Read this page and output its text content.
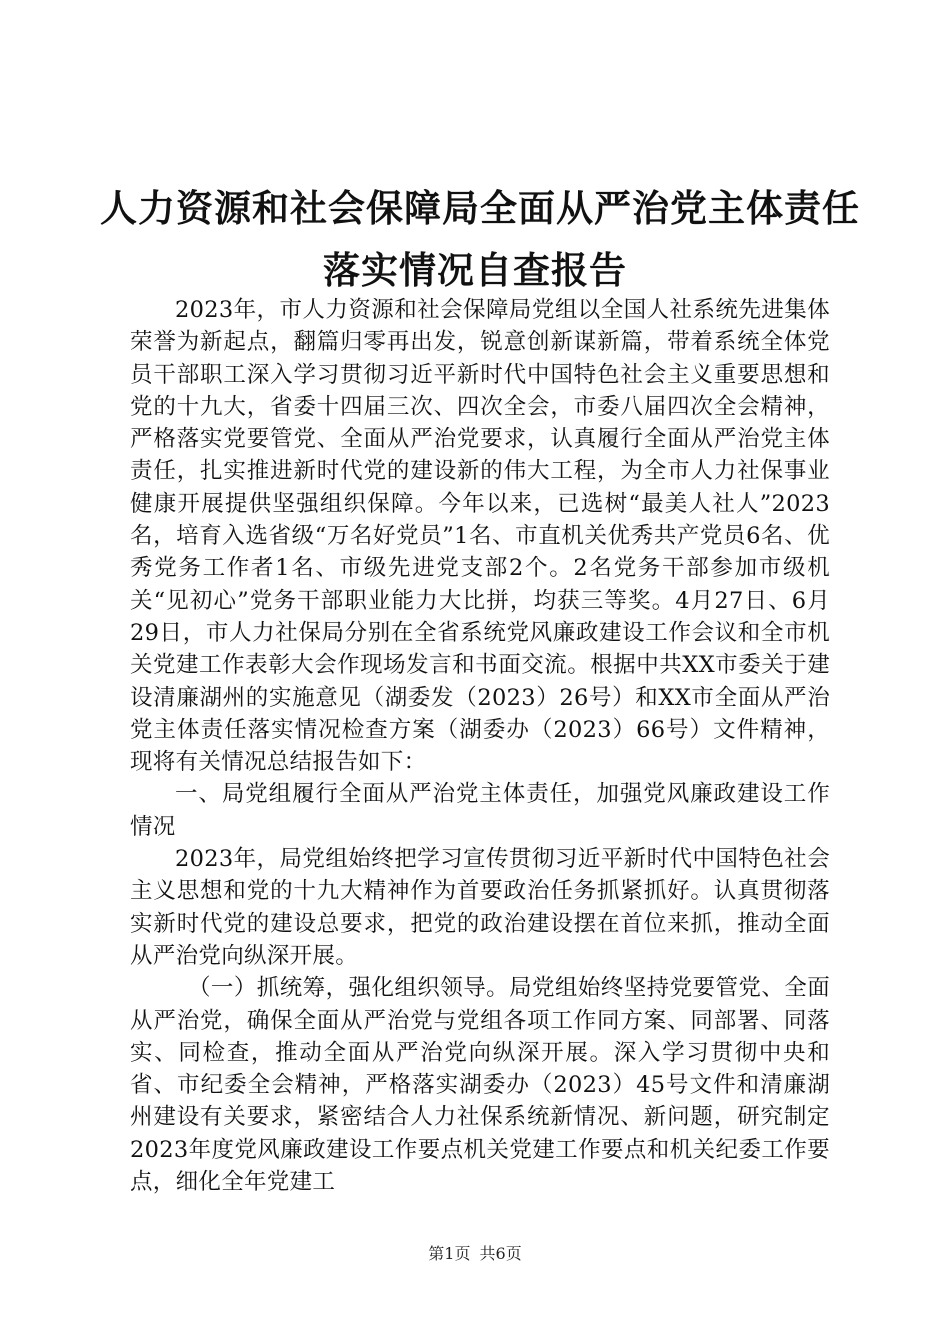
人力资源和社会保障局全面从严治党主体责任
落实情况自查报告

2023年，市人力资源和社会保障局党组以全国人社系统先进集体荣誉为新起点，翻篇归零再出发，锐意创新谋新篇，带着系统全体党员干部职工深入学习贯彻习近平新时代中国特色社会主义重要思想和党的十九大，省委十四届三次、四次全会，市委八届四次全会精神，严格落实党要管党、全面从严治党要求，认真履行全面从严治党主体责任，扎实推进新时代党的建设新的伟大工程，为全市人力社保事业健康开展提供坚强组织保障。今年以来，已选树“最美人社人”2023名，培育入选省级“万名好党员”1名、市直机关优秀共产党员6名、优秀党务工作者1名、市级先进党支部2个。2名党务干部参加市级机关“见初心”党务干部职业能力大比拼，均获三等奖。4月27日、6月29日，市人力社保局分别在全省系统党风廉政建设工作会议和全市机关党建工作表彰大会作现场发言和书面交流。根据中共XX市委关于建设清廉湖州的实施意见（湖委发（2023）26号）和XX市全面从严治党主体责任落实情况检查方案（湖委办（2023）66号）文件精神，现将有关情况总结报告如下：

一、局党组履行全面从严治党主体责任，加强党风廉政建设工作情况

2023年，局党组始终把学习宣传贯彻习近平新时代中国特色社会主义思想和党的十九大精神作为首要政治任务抓紧抓好。认真贯彻落实新时代党的建设总要求，把党的政治建设摆在首位来抓，推动全面从严治党向纵深开展。

（一）抓统筹，强化组织领导。局党组始终坚持党要管党、全面从严治党，确保全面从严治党与党组各项工作同方案、同部署、同落实、同检查，推动全面从严治党向纵深开展。深入学习贯彻中央和省、市纪委全会精神，严格落实湖委办（2023）45号文件和清廉湖州建设有关要求，紧密结合人力社保系统新情况、新问题，研究制定2023年度党风廉政建设工作要点机关党建工作要点和机关纪委工作要点，细化全年党建工

第1页 共6页
